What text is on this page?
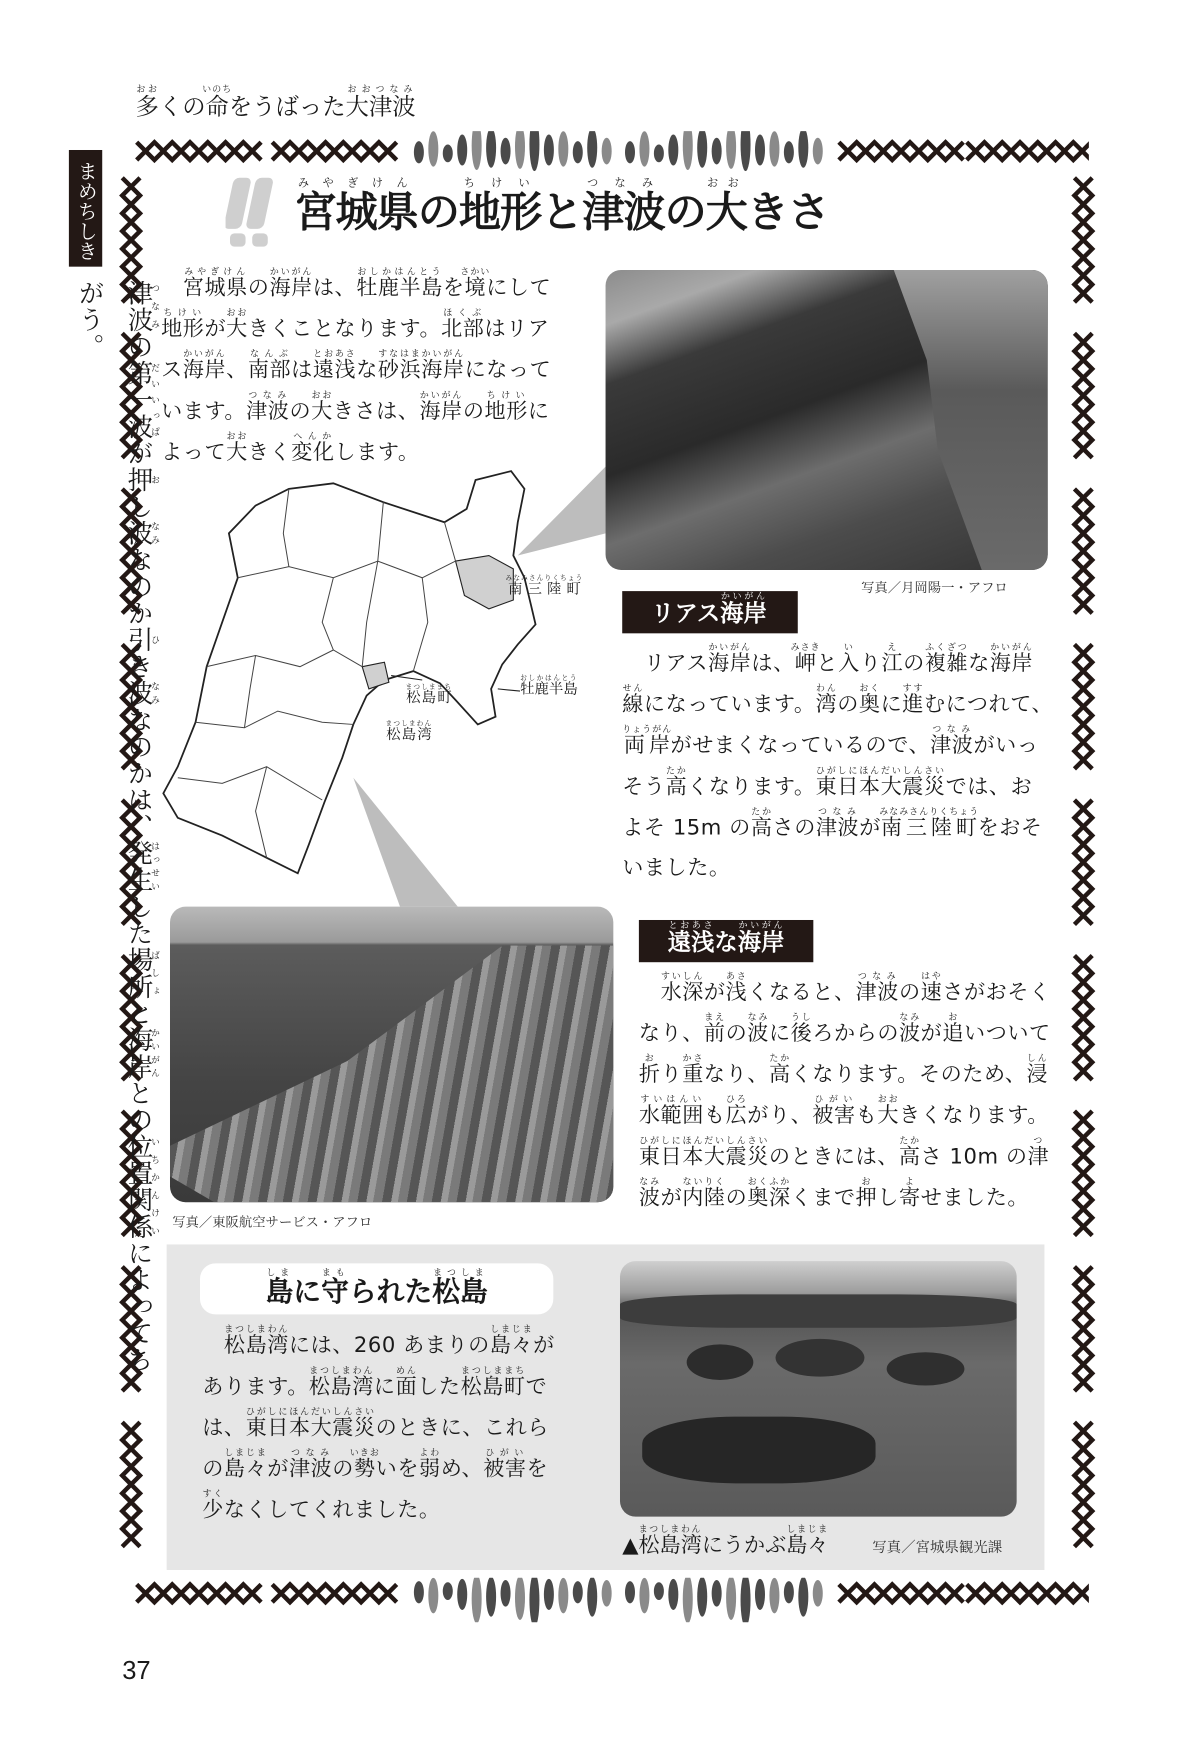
多おおくの命いのちをうばった大津波おおつなみ
まめちしき
津波つなみの第一波だいいっぱが押おし波なみなのか引ひき波なみなのかは、発生はっせいした場所ばしょと海岸かいがんとの位置関係いちかんけいによってちがう。
宮城県みやぎけんの地形ちけいと津波つなみの大おおきさ
　宮城県みやぎけんの海岸かいがんは、牡鹿半島おしかはんとうを境さかいにして
地形ちけいが大おおきくことなります。北部ほくぶはリア
ス海岸かいがん、南部なんぶは遠浅とおあさな砂浜海岸すなはまかいがんになって
います。津波つなみの大おおきさは、海岸かいがんの地形ちけいに
よって大おおきく変化へんかします。
写真／月岡陽一・アフロ
南三陸町みなみさんりくちょう
松島町まつしままち	牡鹿半島おしかはんとう
松島湾まつしまわん
リアス海岸かいがん
　リアス海岸かいがんは、岬みさきと入いり江えの複雑ふくざつな海岸かいがん
線せんになっています。湾わんの奥おくに進すすむにつれて、
両岸りょうがんがせまくなっているので、津波つなみがいっ
そう高たかくなります。東日本大震災ひがしにほんだいしんさいでは、お
よそ 15m の高たかさの津波つなみが南三陸町みなみさんりくちょうをおそ
いました。
写真／東阪航空サービス・アフロ
遠浅とおあさな海岸かいがん
　水深すいしんが浅あさくなると、津波つなみの速はやさがおそく
なり、前まえの波なみに後うしろからの波なみが追おいついて
折おり重かさなり、高たかくなります。そのため、浸しん
水範囲すいはんいも広ひろがり、被害ひがいも大おおきくなります。
東日本大震災ひがしにほんだいしんさいのときには、高たかさ 10m の津つ
波なみが内陸ないりくの奥深おくふかくまで押おし寄よせました。
島しまに守まもられた松島まつしま
　松島湾まつしまわんには、260 あまりの島々しまじまが
あります。松島湾まつしまわんに面めんした松島町まつしままちで
は、東日本大震災ひがしにほんだいしんさいのときに、これら
の島々しまじまが津波つなみの勢いきおいを弱よわめ、被害ひがいを
少すくなくしてくれました。
▲松島湾まつしまわんにうかぶ島々しまじま
写真／宮城県観光課
37
